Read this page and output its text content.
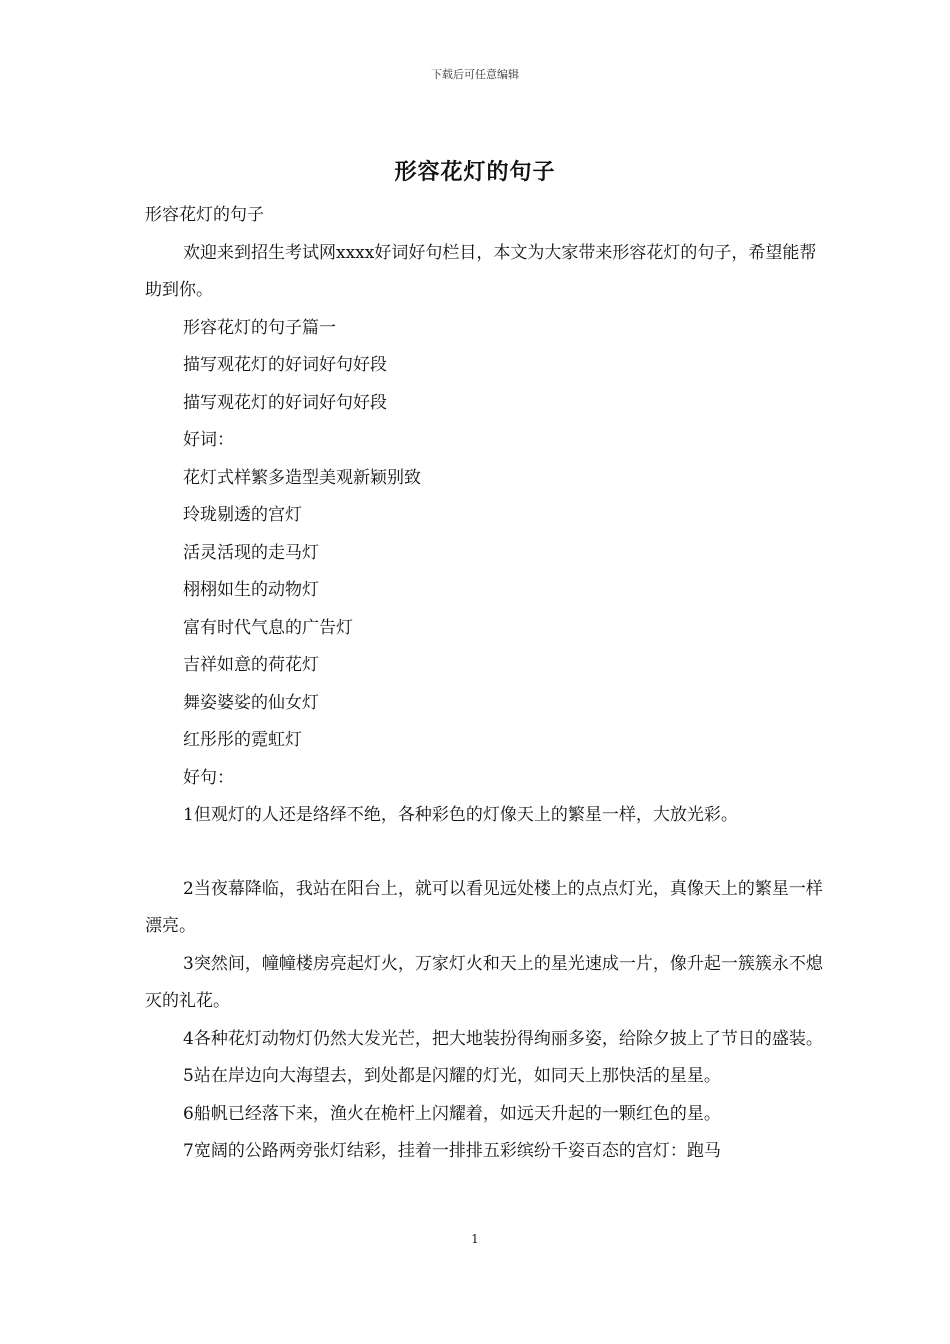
下载后可任意编辑
形容花灯的句子

形容花灯的句子

欢迎来到招生考试网xxxx好词好句栏目，本文为大家带来形容花灯的句子，希望能帮助到你。

形容花灯的句子篇一

描写观花灯的好词好句好段

描写观花灯的好词好句好段

好词：

花灯式样繁多造型美观新颖别致

玲珑剔透的宫灯

活灵活现的走马灯

栩栩如生的动物灯

富有时代气息的广告灯

吉祥如意的荷花灯

舞姿婆娑的仙女灯

红彤彤的霓虹灯

好句：

1但观灯的人还是络绎不绝，各种彩色的灯像天上的繁星一样，大放光彩。

2当夜幕降临，我站在阳台上，就可以看见远处楼上的点点灯光，真像天上的繁星一样漂亮。

3突然间，幢幢楼房亮起灯火，万家灯火和天上的星光速成一片，像升起一簇簇永不熄灭的礼花。

4各种花灯动物灯仍然大发光芒，把大地装扮得绚丽多姿，给除夕披上了节日的盛装。

5站在岸边向大海望去，到处都是闪耀的灯光，如同天上那快活的星星。

6船帆已经落下来，渔火在桅杆上闪耀着，如远天升起的一颗红色的星。

7宽阔的公路两旁张灯结彩，挂着一排排五彩缤纷千姿百态的宫灯：跑马

1
